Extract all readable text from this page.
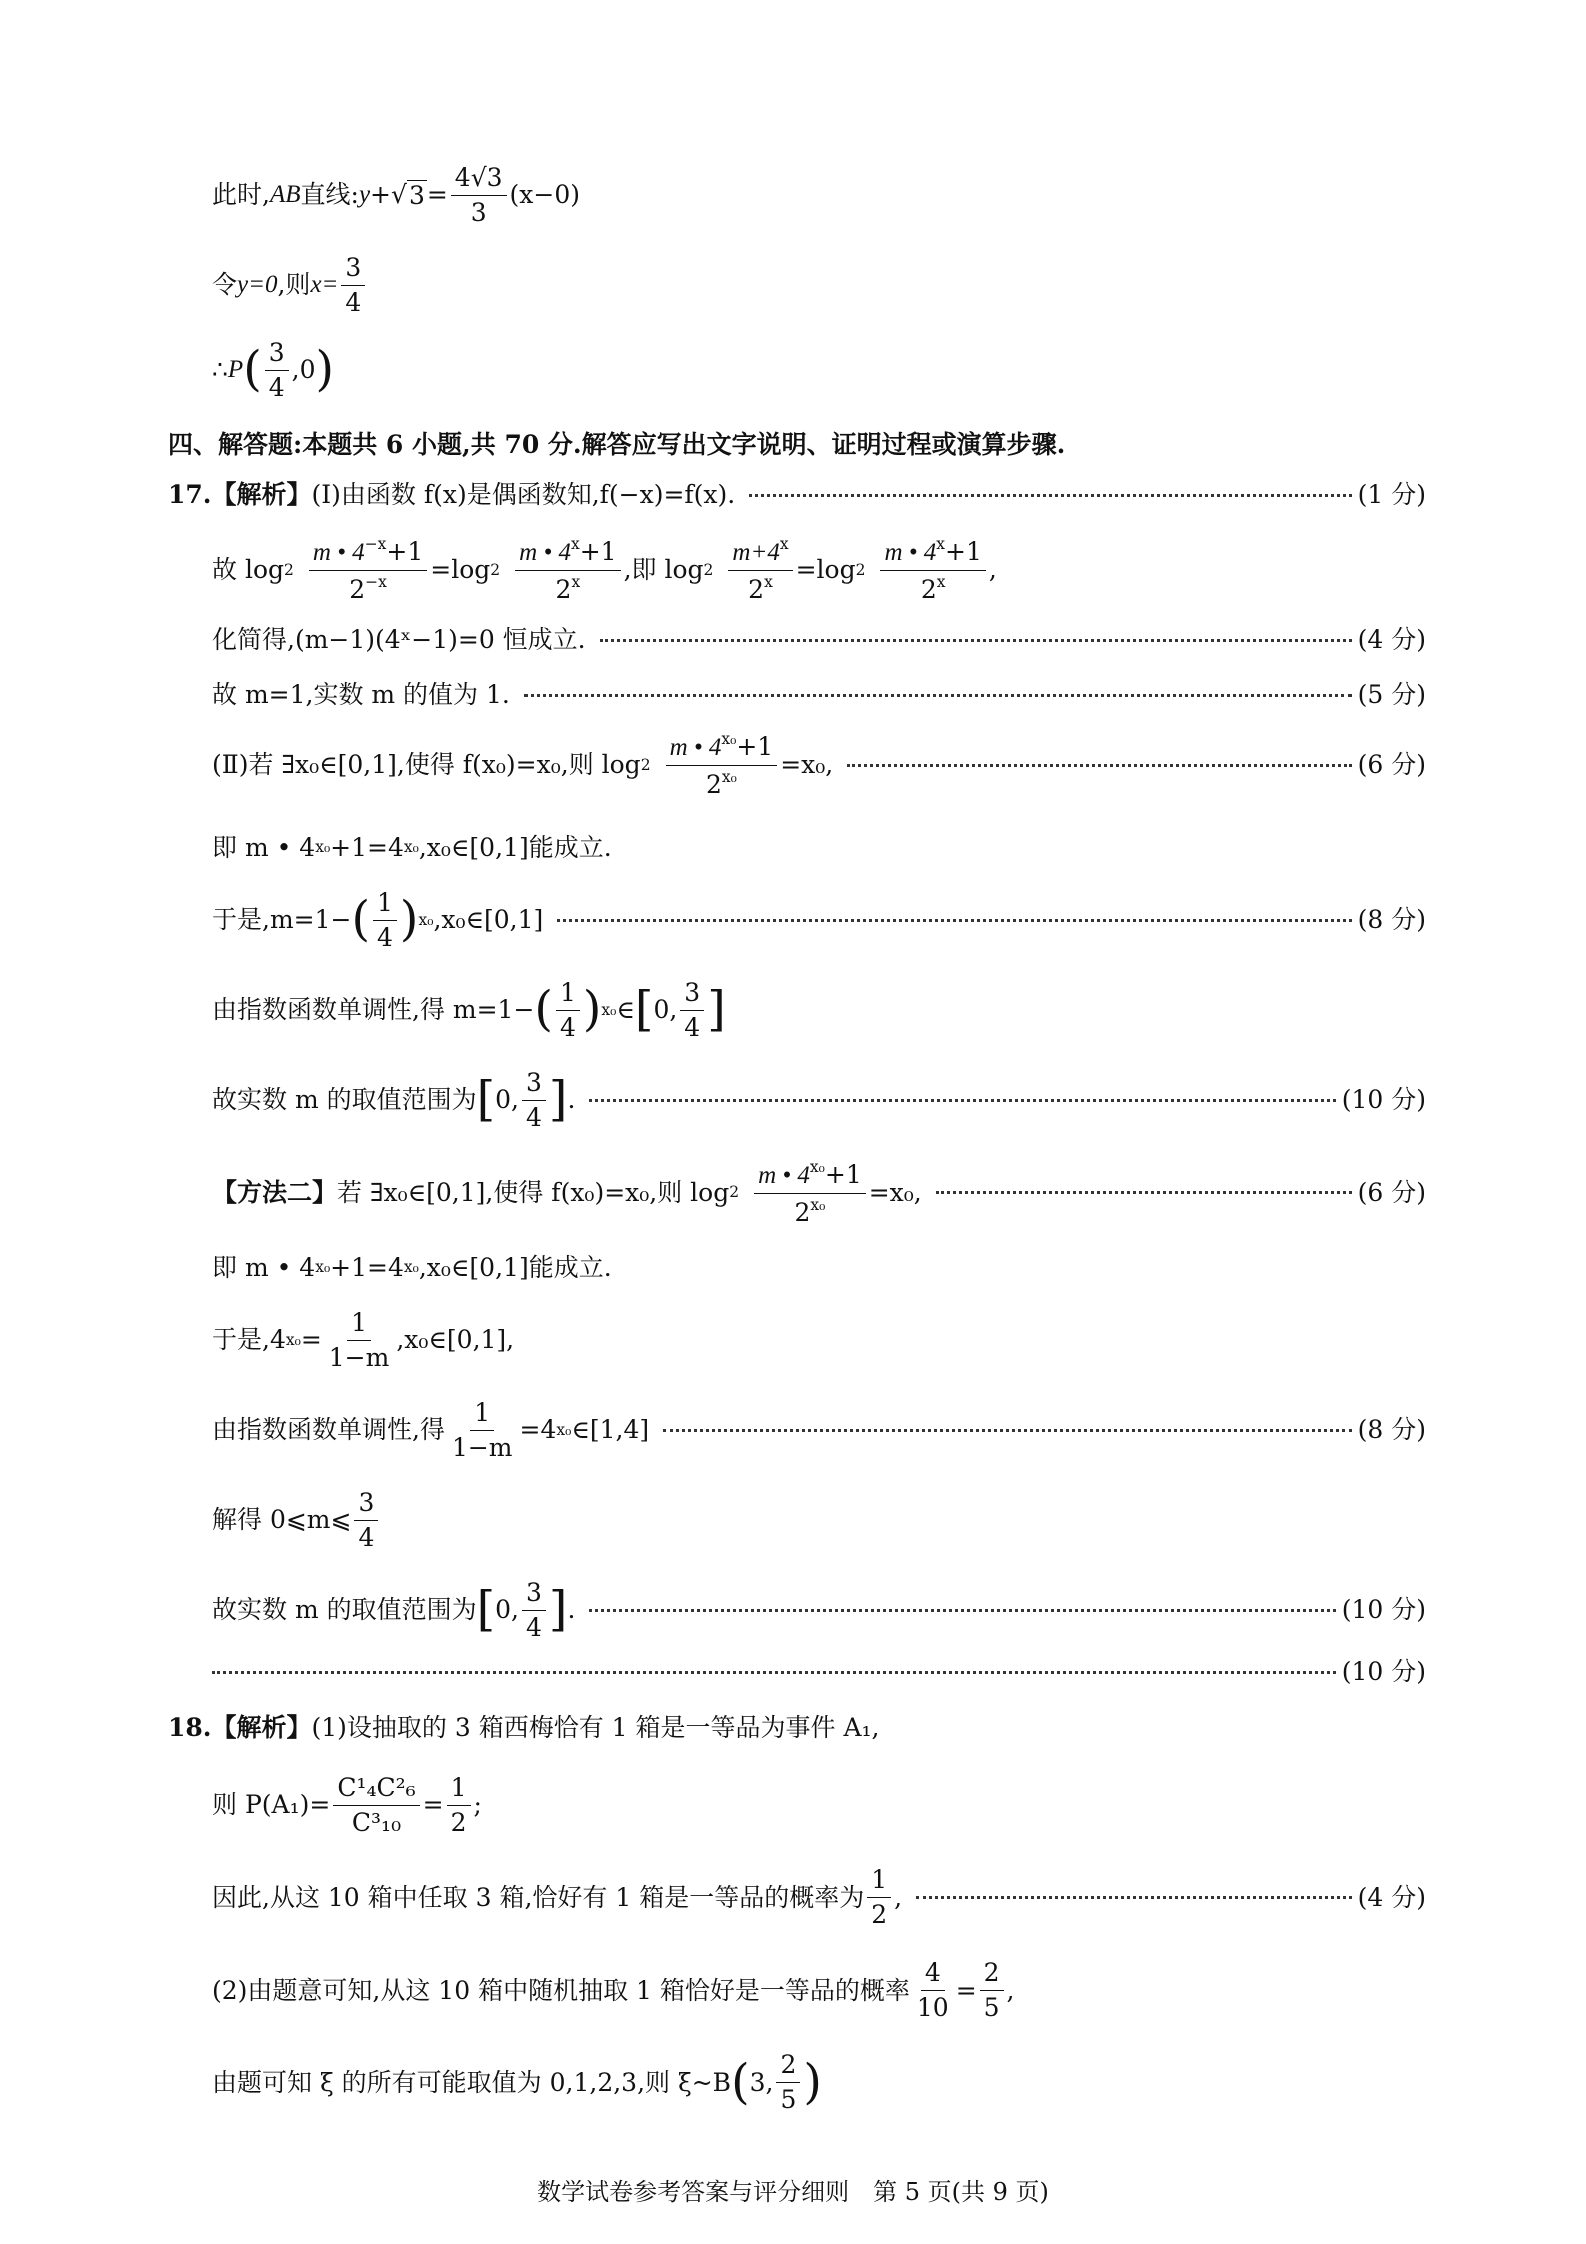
此时, AB 直线: y + √ $3 = \frac{4√3}{3} (x-0)$
令 y=0 ,则 $x= \frac{3}{4}$
∴ P ( $\frac{3}{4} ,0$ )
四、解答题:本题共 6 小题,共 70 分.解答应写出文字说明、证明过程或演算步骤.
17. 【解析】 (Ⅰ)由函数 f(x)是偶函数知,f(−x)=f(x).	(1 分)
故 $\log 2 \frac{m • 4^{-x}+1}{2^{-x}} =\log$ $2 \frac{m • 4^x+1}{2^x}$ ,即 $\log 2 \frac{m+4^x}{2^x} =\log$ $2 \frac{m • 4^x+1}{2^x}$ ,
化简得,(m−1)(4ˣ−1)=0 恒成立.	(4 分)
故 m=1,实数 m 的值为 1.	(5 分)
(Ⅱ)若 ∃x₀∈[0,1],使得 f(x₀)=x₀,则 $\log 2 \frac{m • 4^{x_0}+1}{2^{x_0}} =x_0$,	(6 分)
即 m • 4 x₀ +1=4 x₀ ,x₀∈[0,1]能成立.
于是,m=1− ( $\frac{1}{4}$ ) x₀ ,x₀∈[0,1]	(8 分)
由指数函数单调性,得 m=1− ( $\frac{1}{4}$ ) x₀ ∈ [ 0, $\frac{3}{4}$ ]
故实数 m 的取值范围为 [ 0, $\frac{3}{4}$ ] .	(10 分)
【方法二】 若 ∃x₀∈[0,1],使得 f(x₀)=x₀,则 $\log 2 \frac{m • 4^{x_0}+1}{2^{x_0}} =x_0$,	(6 分)
即 m • 4 x₀ +1=4 x₀ ,x₀∈[0,1]能成立.
于是,4 $x_0 = \frac{1}{1-m}$ ,x₀∈[0,1],
由指数函数单调性,得 $\frac{1}{1-m} =4$ x₀ ∈[1,4]	(8 分)
解得 0⩽m⩽ $\frac{3}{4}$
故实数 m 的取值范围为 [ 0, $\frac{3}{4}$ ] .	(10 分)
(10 分)
18. 【解析】 (1)设抽取的 3 箱西梅恰有 1 箱是一等品为事件 A₁,
则 $P(A_1)= \frac{\text{C¹₄C²₆}}{\text{C³₁₀}} = \frac{1}{2}$ ;
因此,从这 10 箱中任取 3 箱,恰好有 1 箱是一等品的概率为 $\frac{1}{2}$ ,	(4 分)
(2)由题意可知,从这 10 箱中随机抽取 1 箱恰好是一等品的概率 $\frac{4}{10} = \frac{2}{5}$ ,
由题可知 ξ 的所有可能取值为 0,1,2,3,则 ξ~B ( 3, $\frac{2}{5}$ )
数学试卷参考答案与评分细则　第 5 页(共 9 页)
